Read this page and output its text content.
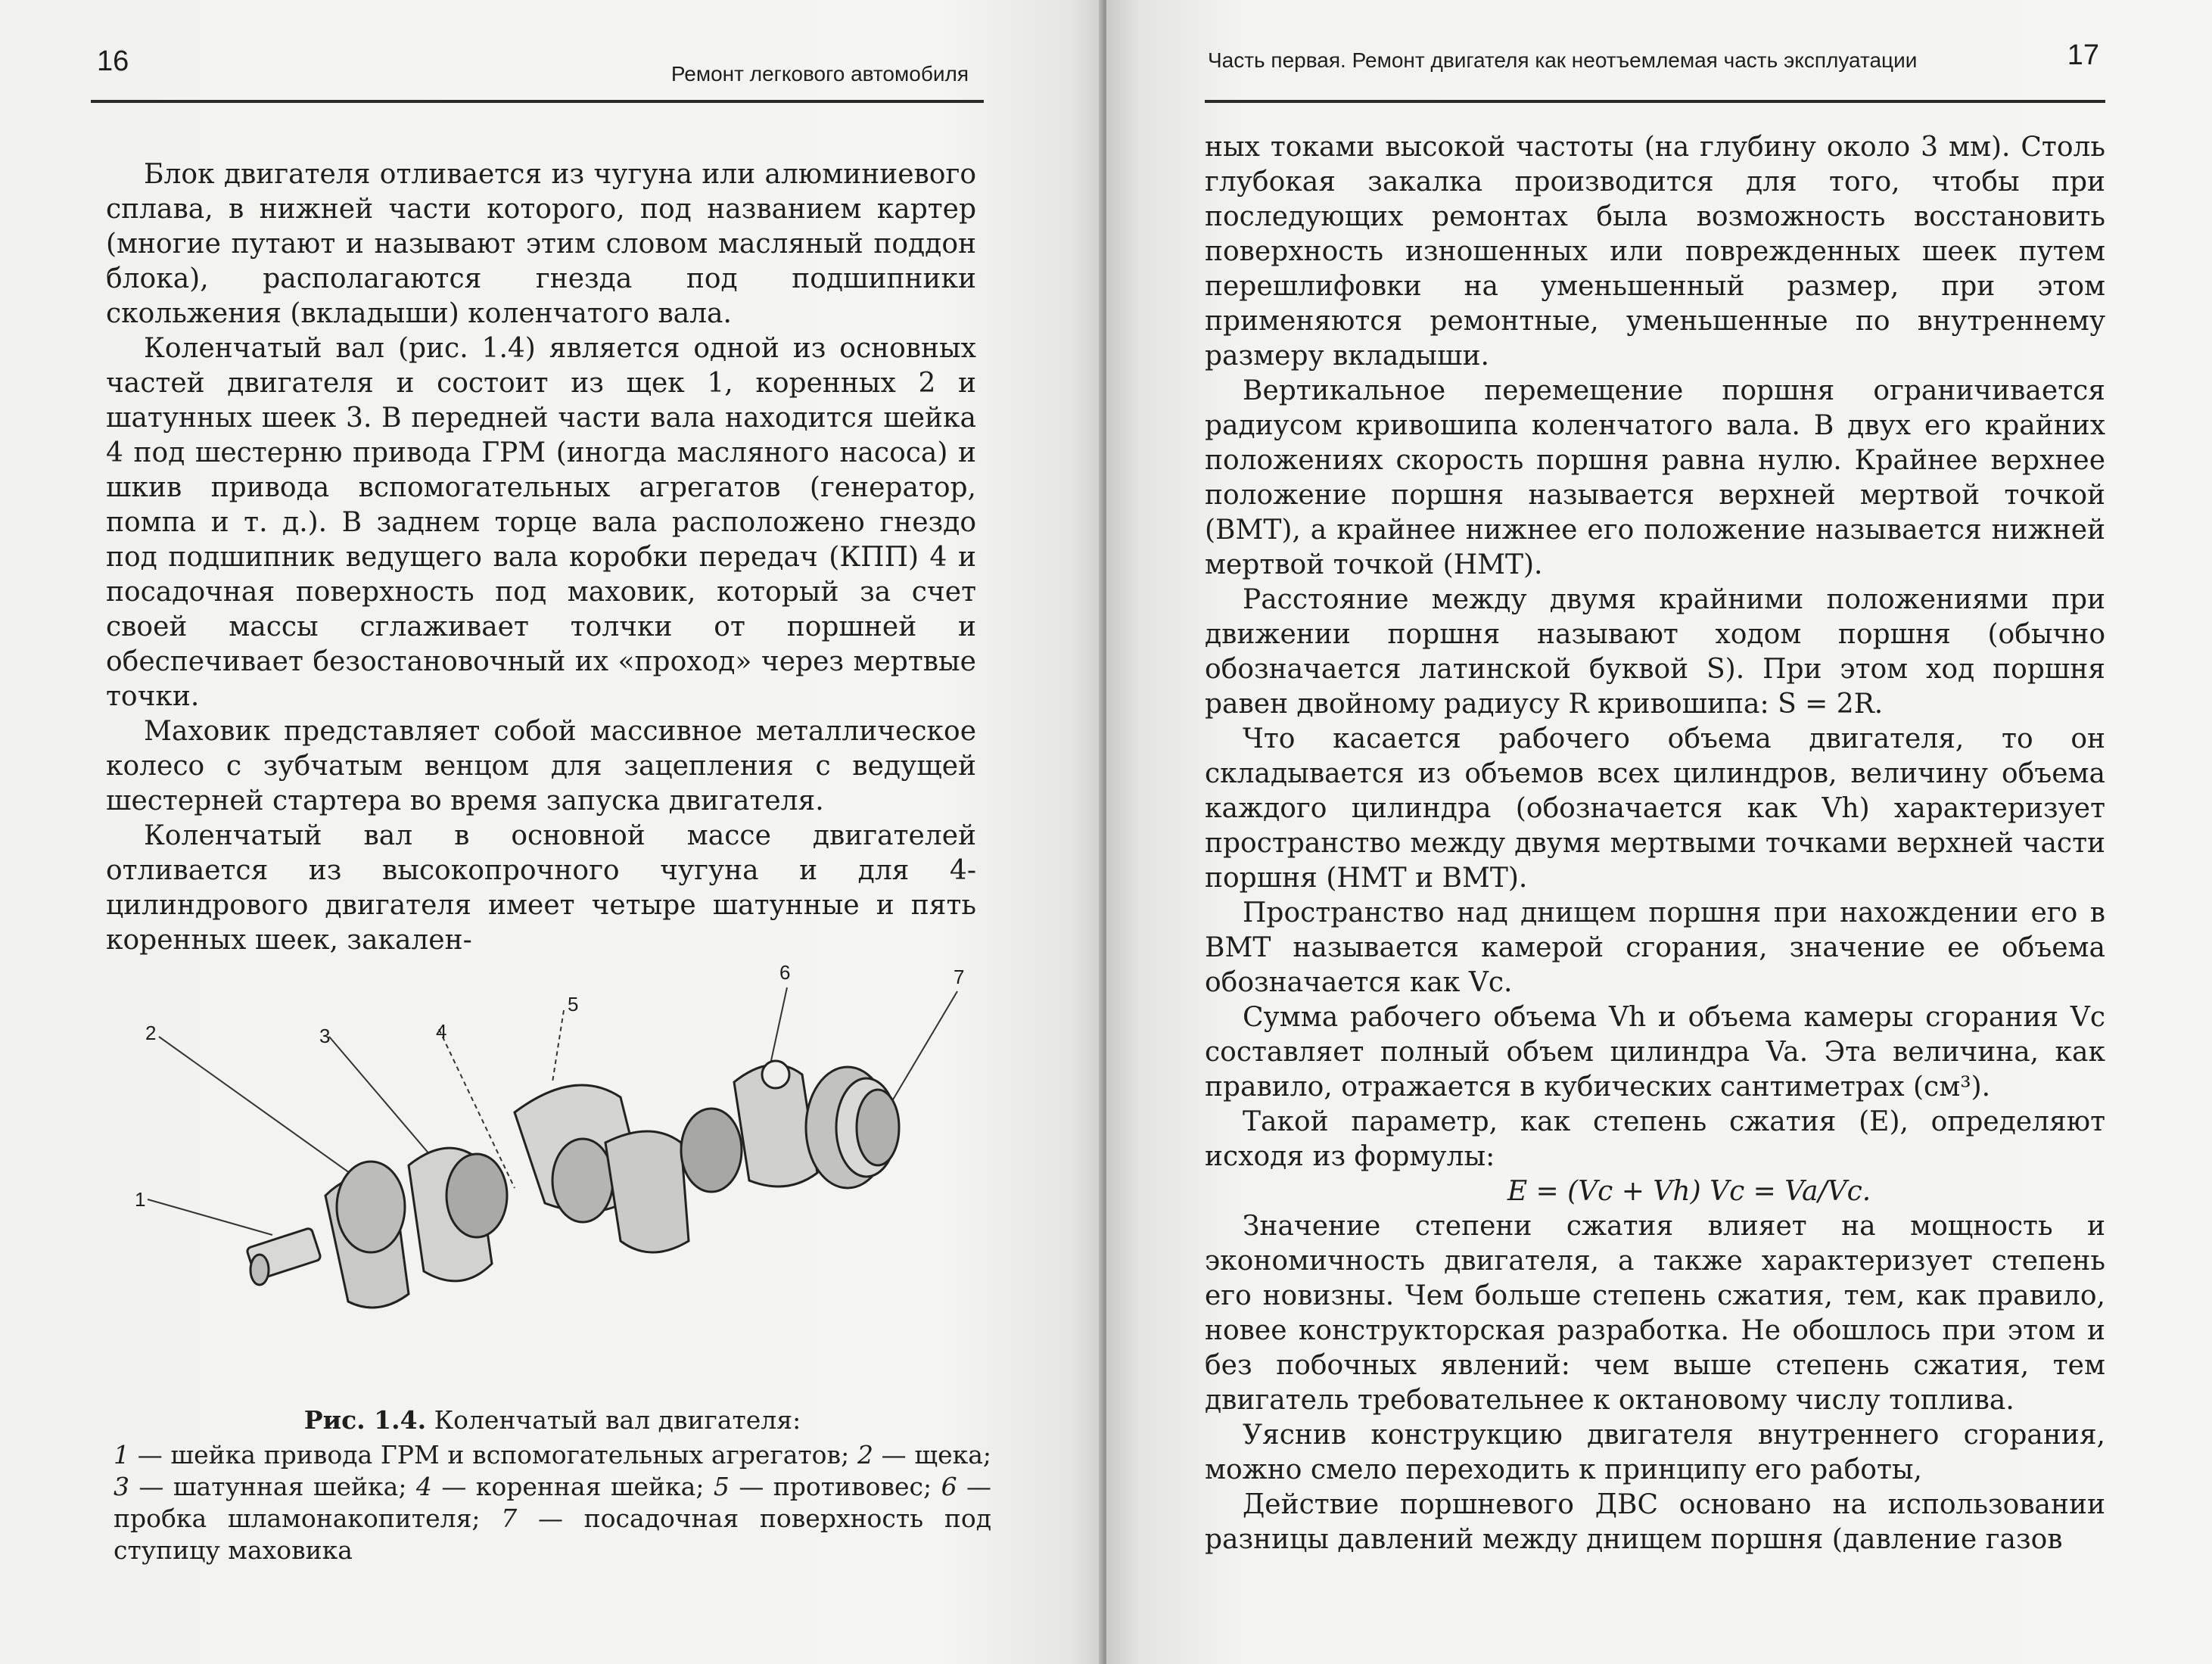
16	Ремонт легкового автомобиля

Блок двигателя отливается из чугуна или алюминиевого сплава, в нижней части которого, под названием картер (многие путают и называют этим словом масляный поддон блока), располагаются гнезда под подшипники скольжения (вкладыши) коленчатого вала.

Коленчатый вал (рис. 1.4) является одной из основных частей двигателя и состоит из щек 1, коренных 2 и шатунных шеек 3. В передней части вала находится шейка 4 под шестерню привода ГРМ (иногда масляного насоса) и шкив привода вспомогательных агрегатов (генератор, помпа и т. д.). В заднем торце вала расположено гнездо под подшипник ведущего вала коробки передач (КПП) 4 и посадочная поверхность под маховик, который за счет своей массы сглаживает толчки от поршней и обеспечивает безостановочный их «проход» через мертвые точки.

Маховик представляет собой массивное металлическое колесо с зубчатым венцом для зацепления с ведущей шестерней стартера во время запуска двигателя.

Коленчатый вал в основной массе двигателей отливается из высокопрочного чугуна и для 4-цилиндрового двигателя имеет четыре шатунные и пять коренных шеек, закален-

1
2	3	4
5
6	7

Рис. 1.4. Коленчатый вал двигателя:

1 — шейка привода ГРМ и вспомогательных агрегатов; 2 — щека; 3 — шатунная шейка; 4 — коренная шейка; 5 — противовес; 6 — пробка шламонакопителя; 7 — посадочная поверхность под ступицу маховика

Часть первая. Ремонт двигателя как неотъемлемая часть эксплуатации	17

ных токами высокой частоты (на глубину около 3 мм). Столь глубокая закалка производится для того, чтобы при последующих ремонтах была возможность восстановить поверхность изношенных или поврежденных шеек путем перешлифовки на уменьшенный размер, при этом применяются ремонтные, уменьшенные по внутреннему размеру вкладыши.

Вертикальное перемещение поршня ограничивается радиусом кривошипа коленчатого вала. В двух его крайних положениях скорость поршня равна нулю. Крайнее верхнее положение поршня называется верхней мертвой точкой (ВМТ), а крайнее нижнее его положение называется нижней мертвой точкой (НМТ).

Расстояние между двумя крайними положениями при движении поршня называют ходом поршня (обычно обозначается латинской буквой S). При этом ход поршня равен двойному радиусу R кривошипа: S = 2R.

Что касается рабочего объема двигателя, то он складывается из объемов всех цилиндров, величину объема каждого цилиндра (обозначается как Vh) характеризует пространство между двумя мертвыми точками верхней части поршня (НМТ и ВМТ).

Пространство над днищем поршня при нахождении его в ВМТ называется камерой сгорания, значение ее объема обозначается как Vc.

Сумма рабочего объема Vh и объема камеры сгорания Vc составляет полный объем цилиндра Va. Эта величина, как правило, отражается в кубических сантиметрах (см³).

Такой параметр, как степень сжатия (E), определяют исходя из формулы:

E = (Vc + Vh) Vc = Va/Vc.

Значение степени сжатия влияет на мощность и экономичность двигателя, а также характеризует степень его новизны. Чем больше степень сжатия, тем, как правило, новее конструкторская разработка. Не обошлось при этом и без побочных явлений: чем выше степень сжатия, тем двигатель требовательнее к октановому числу топлива.

Уяснив конструкцию двигателя внутреннего сгорания, можно смело переходить к принципу его работы,

Действие поршневого ДВС основано на использовании разницы давлений между днищем поршня (давление газов
